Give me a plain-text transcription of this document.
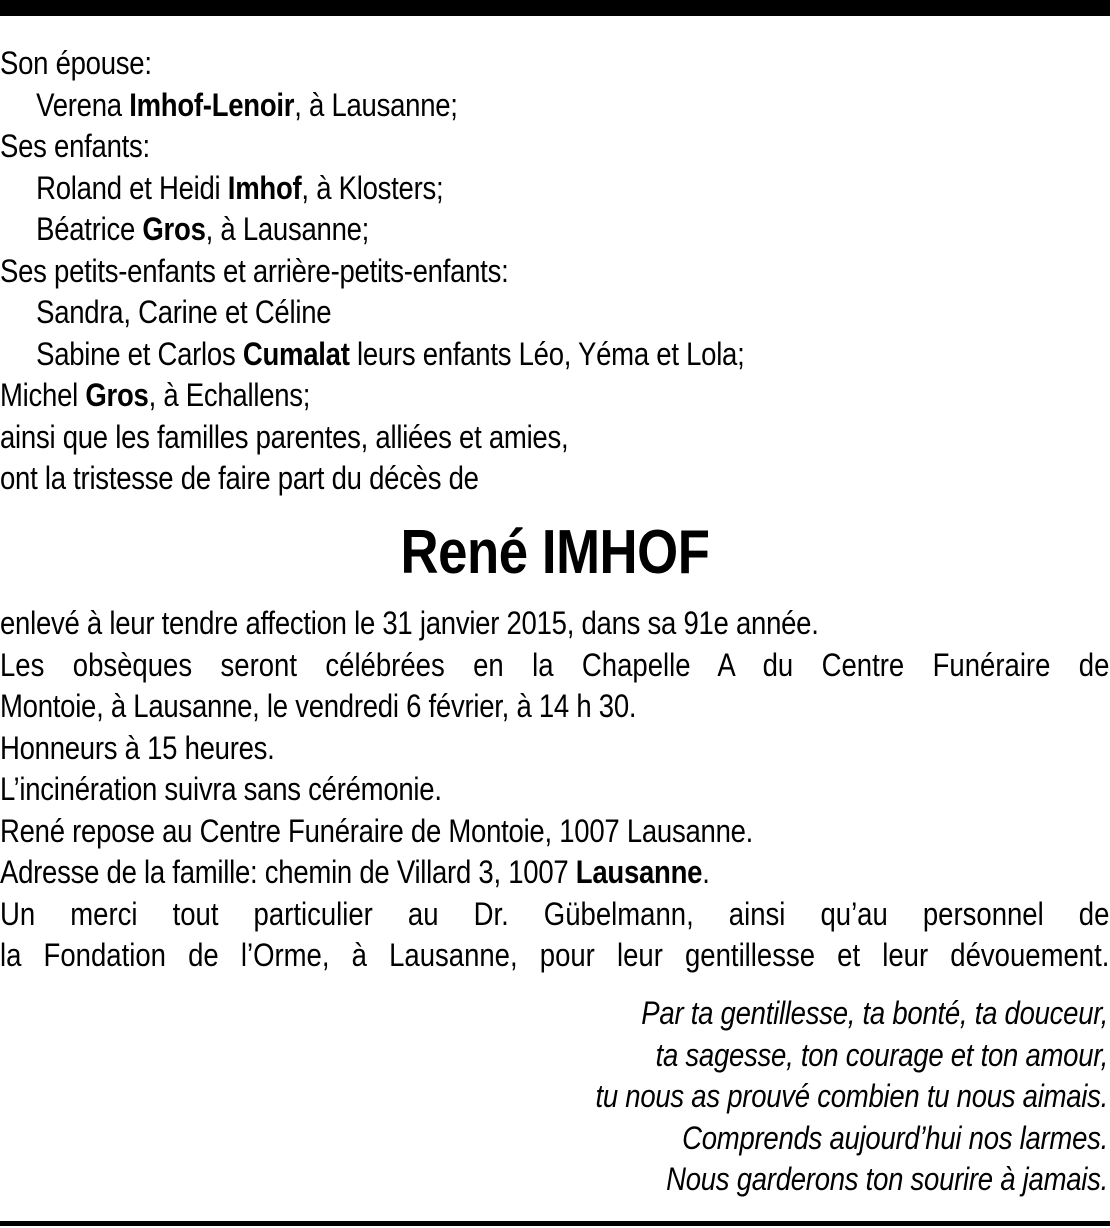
Son épouse:
Verena Imhof-Lenoir, à Lausanne;
Ses enfants:
Roland et Heidi Imhof, à Klosters;
Béatrice Gros, à Lausanne;
Ses petits-enfants et arrière-petits-enfants:
Sandra, Carine et Céline
Sabine et Carlos Cumalat leurs enfants Léo, Yéma et Lola;
Michel Gros, à Echallens;
ainsi que les familles parentes, alliées et amies,
ont la tristesse de faire part du décès de
René IMHOF
enlevé à leur tendre affection le 31 janvier 2015, dans sa 91e année.
Les obsèques seront célébrées en la Chapelle A du Centre Funéraire de
Montoie, à Lausanne, le vendredi 6 février, à 14 h 30.
Honneurs à 15 heures.
L’incinération suivra sans cérémonie.
René repose au Centre Funéraire de Montoie, 1007 Lausanne.
Adresse de la famille: chemin de Villard 3, 1007 Lausanne.
Un merci tout particulier au Dr. Gübelmann, ainsi qu’au personnel de
la Fondation de l’Orme, à Lausanne, pour leur gentillesse et leur dévouement.
Par ta gentillesse, ta bonté, ta douceur,
ta sagesse, ton courage et ton amour,
tu nous as prouvé combien tu nous aimais.
Comprends aujourd’hui nos larmes.
Nous garderons ton sourire à jamais.
